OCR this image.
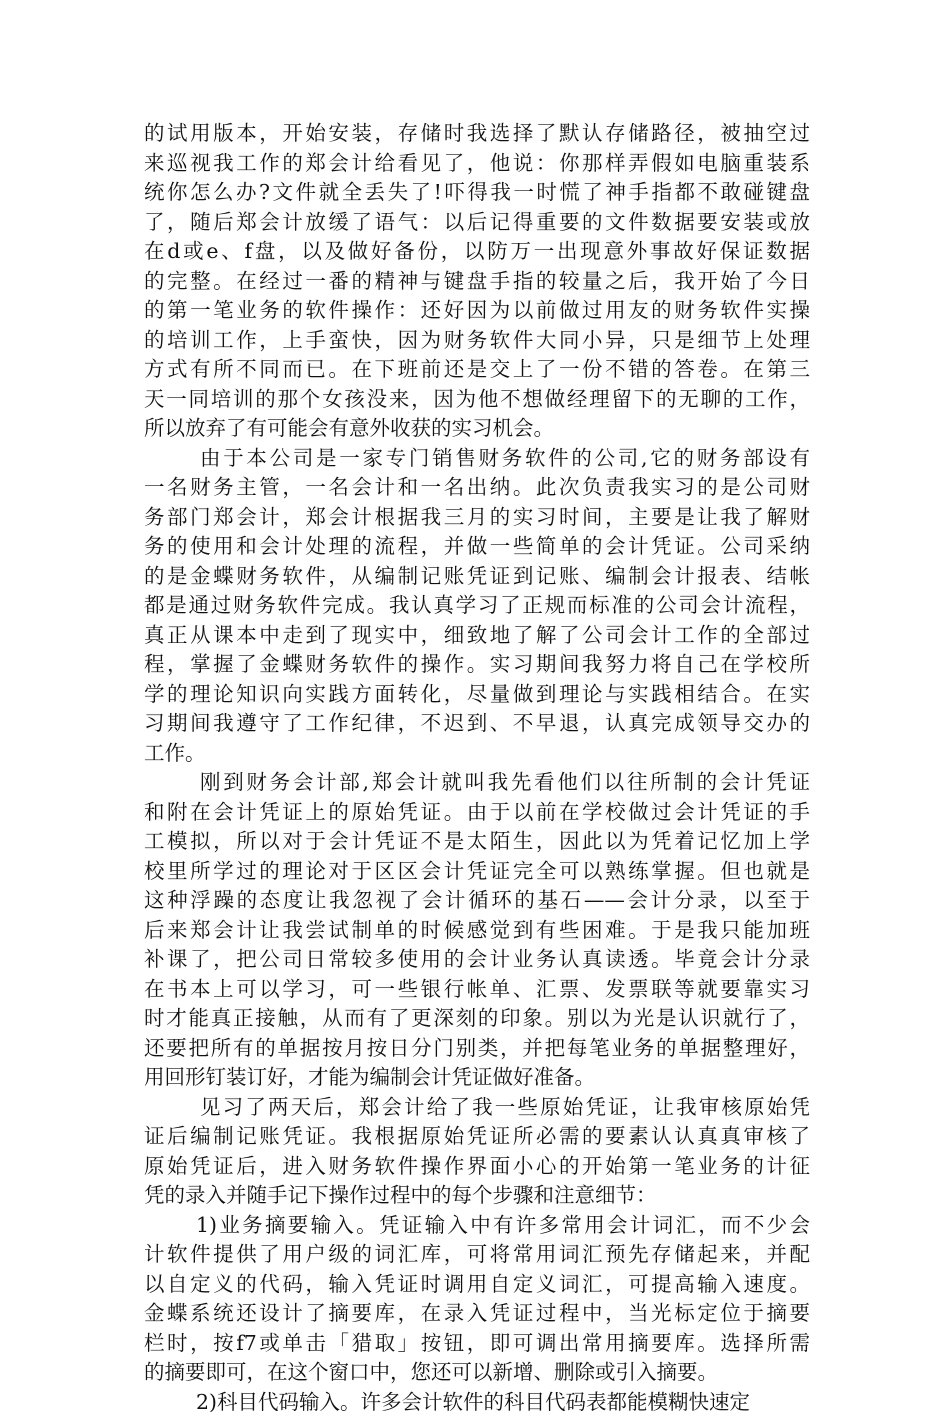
的试用版本，开始安装，存储时我选择了默认存储路径，被抽空过
来巡视我工作的郑会计给看见了，他说：你那样弄假如电脑重装系
统你怎么办?文件就全丢失了!吓得我一时慌了神手指都不敢碰键盘
了，随后郑会计放缓了语气：以后记得重要的文件数据要安装或放
在d或e、f盘，以及做好备份，以防万一出现意外事故好保证数据
的完整。在经过一番的精神与键盘手指的较量之后，我开始了今日
的第一笔业务的软件操作：还好因为以前做过用友的财务软件实操
的培训工作，上手蛮快，因为财务软件大同小异，只是细节上处理
方式有所不同而已。在下班前还是交上了一份不错的答卷。在第三
天一同培训的那个女孩没来，因为他不想做经理留下的无聊的工作，
所以放弃了有可能会有意外收获的实习机会。
由于本公司是一家专门销售财务软件的公司,它的财务部设有
一名财务主管，一名会计和一名出纳。此次负责我实习的是公司财
务部门郑会计，郑会计根据我三月的实习时间，主要是让我了解财
务的使用和会计处理的流程，并做一些简单的会计凭证。公司采纳
的是金蝶财务软件，从编制记账凭证到记账、编制会计报表、结帐
都是通过财务软件完成。我认真学习了正规而标准的公司会计流程，
真正从课本中走到了现实中，细致地了解了公司会计工作的全部过
程，掌握了金蝶财务软件的操作。实习期间我努力将自己在学校所
学的理论知识向实践方面转化，尽量做到理论与实践相结合。在实
习期间我遵守了工作纪律，不迟到、不早退，认真完成领导交办的
工作。
刚到财务会计部,郑会计就叫我先看他们以往所制的会计凭证
和附在会计凭证上的原始凭证。由于以前在学校做过会计凭证的手
工模拟，所以对于会计凭证不是太陌生，因此以为凭着记忆加上学
校里所学过的理论对于区区会计凭证完全可以熟练掌握。但也就是
这种浮躁的态度让我忽视了会计循环的基石——会计分录，以至于
后来郑会计让我尝试制单的时候感觉到有些困难。于是我只能加班
补课了，把公司日常较多使用的会计业务认真读透。毕竟会计分录
在书本上可以学习，可一些银行帐单、汇票、发票联等就要靠实习
时才能真正接触，从而有了更深刻的印象。别以为光是认识就行了，
还要把所有的单据按月按日分门别类，并把每笔业务的单据整理好，
用回形钉装订好，才能为编制会计凭证做好准备。
见习了两天后，郑会计给了我一些原始凭证，让我审核原始凭
证后编制记账凭证。我根据原始凭证所必需的要素认认真真审核了
原始凭证后，进入财务软件操作界面小心的开始第一笔业务的计征
凭的录入并随手记下操作过程中的每个步骤和注意细节：
1)业务摘要输入。凭证输入中有许多常用会计词汇，而不少会
计软件提供了用户级的词汇库，可将常用词汇预先存储起来，并配
以自定义的代码，输入凭证时调用自定义词汇，可提高输入速度。
金蝶系统还设计了摘要库，在录入凭证过程中，当光标定位于摘要
栏时，按f7或单击「猎取」按钮，即可调出常用摘要库。选择所需
的摘要即可，在这个窗口中，您还可以新增、删除或引入摘要。
2)科目代码输入。许多会计软件的科目代码表都能模糊快速定
